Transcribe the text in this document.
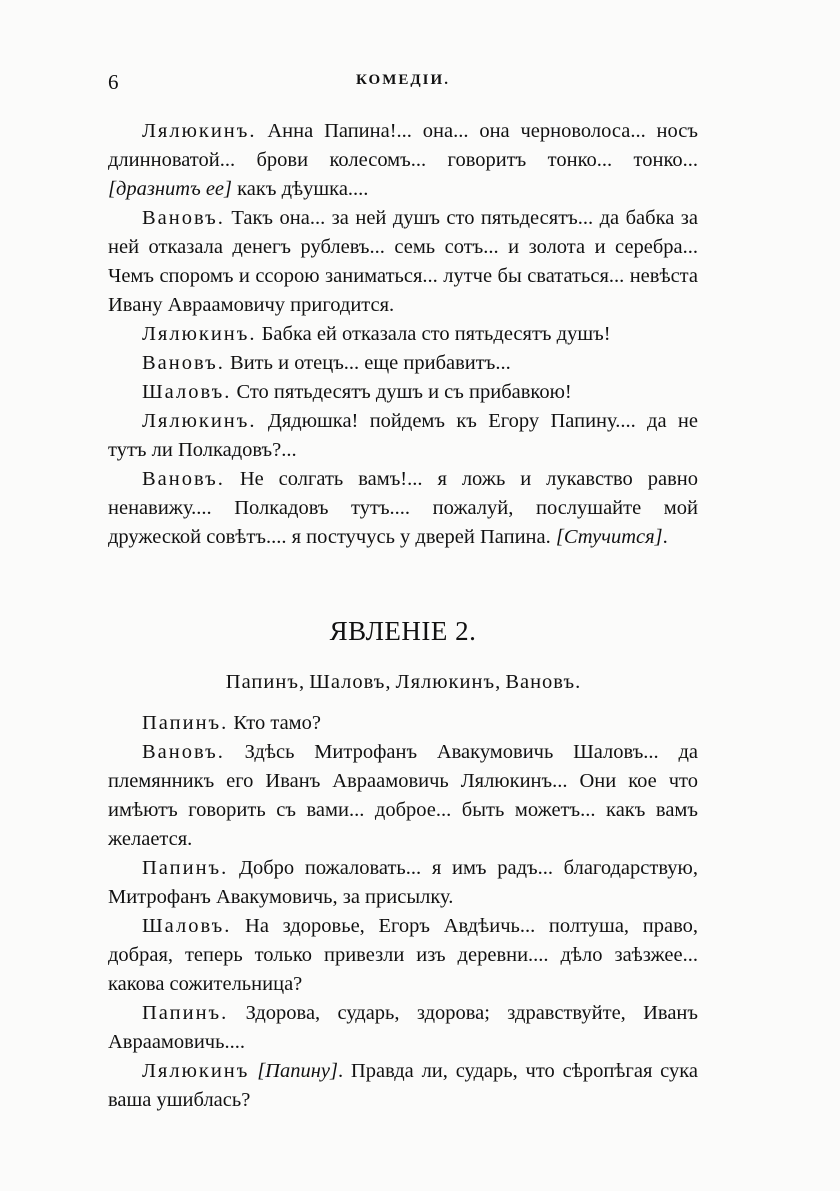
6	КОМЕДІИ.

Лялюкинъ. Анна Папина!... она... она черноволоса... носъ длинноватой... брови колесомъ... говоритъ тонко... тонко... [дразнитъ ее] какъ дѣушка....

Вановъ. Такъ она... за ней душъ сто пятьдесятъ... да бабка за ней отказала денегъ рублевъ... семь сотъ... и золота и серебра... Чемъ споромъ и ссорою заниматься... лутче бы свататься... невѣста Ивану Авраамовичу пригодится.

Лялюкинъ. Бабка ей отказала сто пятьдесятъ душъ!

Вановъ. Вить и отецъ... еще прибавитъ...

Шаловъ. Сто пятьдесятъ душъ и съ прибавкою!

Лялюкинъ. Дядюшка! пойдемъ къ Егору Папину.... да не тутъ ли Полкадовъ?...

Вановъ. Не солгать вамъ!... я ложь и лукавство равно ненавижу.... Полкадовъ тутъ.... пожалуй, послушайте мой дружеской совѣтъ.... я постучусь у дверей Папина. [Стучится].

ЯВЛЕНІЕ 2.
Папинъ, Шаловъ, Лялюкинъ, Вановъ.

Папинъ. Кто тамо?

Вановъ. Здѣсь Митрофанъ Авакумовичь Шаловъ... да племянникъ его Иванъ Авраамовичь Лялюкинъ... Они кое что имѣютъ говорить съ вами... доброе... быть можетъ... какъ вамъ желается.

Папинъ. Добро пожаловать... я имъ радъ... благодарствую, Митрофанъ Авакумовичь, за присылку.

Шаловъ. На здоровье, Егоръ Авдѣичь... полтуша, право, добрая, теперь только привезли изъ деревни.... дѣло заѣзжее... какова сожительница?

Папинъ. Здорова, сударь, здорова; здравствуйте, Иванъ Авраамовичь....

Лялюкинъ [Папину]. Правда ли, сударь, что сѣропѣгая сука ваша ушиблась?
